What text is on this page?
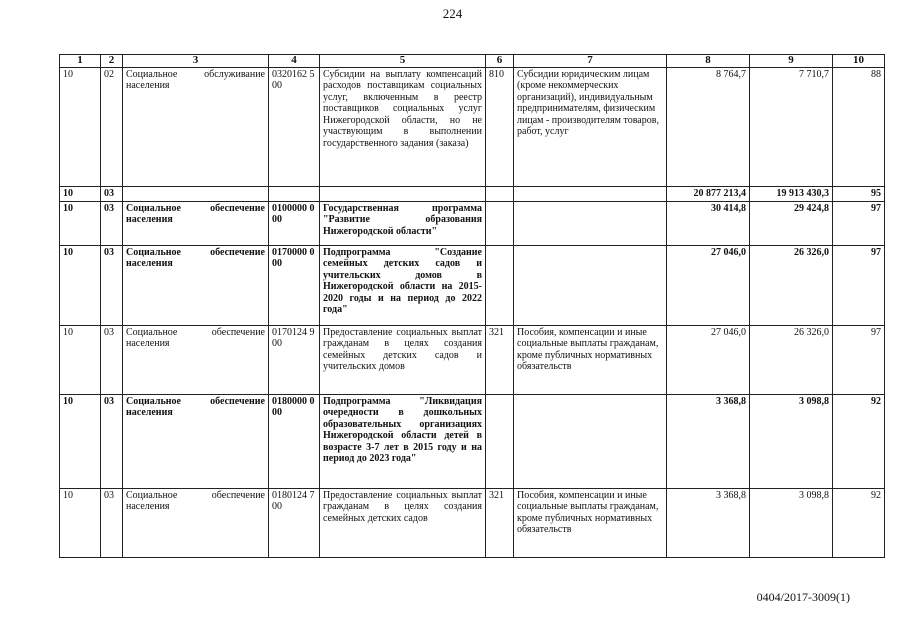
224
1	2	3	4	5	6	7	8	9	10
10	02	Социальное обслуживание населения	0320162 500	Субсидии на выплату компенсаций расходов поставщикам социальных услуг, включенным в реестр поставщиков социальных услуг Нижегородской области, но не участвующим в выполнении государственного задания (заказа)	810	Субсидии юридическим лицам (кроме некоммерческих организаций), индивидуальным предпринимателям, физическим лицам - производителям товаров, работ, услуг	8 764,7	7 710,7	88
10	03						20 877 213,4	19 913 430,3	95
10	03	Социальное обеспечение населения	0100000 000	Государственная программа "Развитие образования Нижегородской области"			30 414,8	29 424,8	97
10	03	Социальное обеспечение населения	0170000 000	Подпрограмма "Создание семейных детских садов и учительских домов в Нижегородской области на 2015-2020 годы и на период до 2022 года"			27 046,0	26 326,0	97
10	03	Социальное обеспечение населения	0170124 900	Предоставление социальных выплат гражданам в целях создания семейных детских садов и учительских домов	321	Пособия, компенсации и иные социальные выплаты гражданам, кроме публичных нормативных обязательств	27 046,0	26 326,0	97
10	03	Социальное обеспечение населения	0180000 000	Подпрограмма "Ликвидация очередности в дошкольных образовательных организациях Нижегородской области детей в возрасте 3-7 лет в 2015 году и на период до 2023 года"			3 368,8	3 098,8	92
10	03	Социальное обеспечение населения	0180124 700	Предоставление социальных выплат гражданам в целях создания семейных детских садов	321	Пособия, компенсации и иные социальные выплаты гражданам, кроме публичных нормативных обязательств	3 368,8	3 098,8	92
0404/2017-3009(1)
